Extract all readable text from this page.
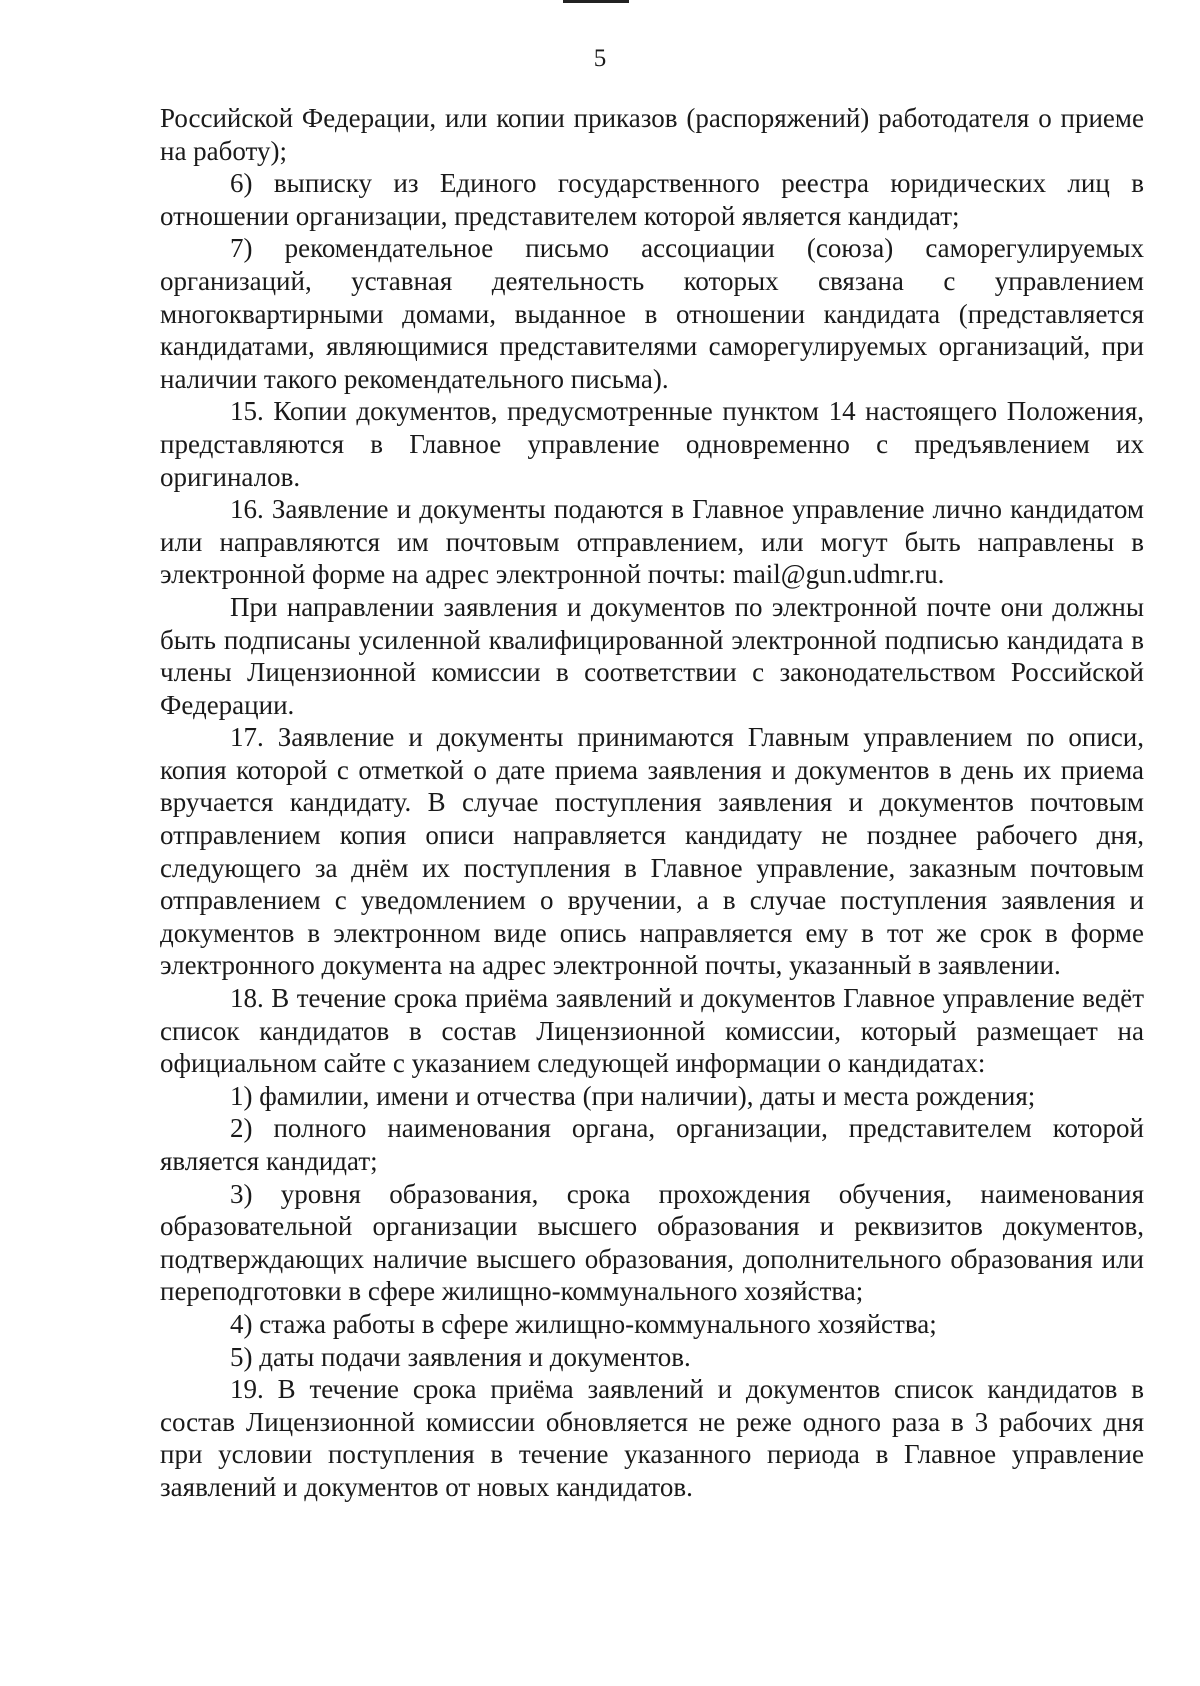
5

Российской Федерации, или копии приказов (распоряжений) работодателя о приеме на работу);

6) выписку из Единого государственного реестра юридических лиц в отношении организации, представителем которой является кандидат;

7) рекомендательное письмо ассоциации (союза) саморегулируемых организаций, уставная деятельность которых связана с управлением многоквартирными домами, выданное в отношении кандидата (представляется кандидатами, являющимися представителями саморегулируемых организаций, при наличии такого рекомендательного письма).

15. Копии документов, предусмотренные пунктом 14 настоящего Положения, представляются в Главное управление одновременно с предъявлением их оригиналов.

16. Заявление и документы подаются в Главное управление лично кандидатом или направляются им почтовым отправлением, или могут быть направлены в электронной форме на адрес электронной почты: mail@gun.udmr.ru.

При направлении заявления и документов по электронной почте они должны быть подписаны усиленной квалифицированной электронной подписью кандидата в члены Лицензионной комиссии в соответствии с законодательством Российской Федерации.

17. Заявление и документы принимаются Главным управлением по описи, копия которой с отметкой о дате приема заявления и документов в день их приема вручается кандидату. В случае поступления заявления и документов почтовым отправлением копия описи направляется кандидату не позднее рабочего дня, следующего за днём их поступления в Главное управление, заказным почтовым отправлением с уведомлением о вручении, а в случае поступления заявления и документов в электронном виде опись направляется ему в тот же срок в форме электронного документа на адрес электронной почты, указанный в заявлении.

18. В течение срока приёма заявлений и документов Главное управление ведёт список кандидатов в состав Лицензионной комиссии, который размещает на официальном сайте с указанием следующей информации о кандидатах:

1) фамилии, имени и отчества (при наличии), даты и места рождения;

2) полного наименования органа, организации, представителем которой является кандидат;

3) уровня образования, срока прохождения обучения, наименования образовательной организации высшего образования и реквизитов документов, подтверждающих наличие высшего образования, дополнительного образования или переподготовки в сфере жилищно-коммунального хозяйства;

4) стажа работы в сфере жилищно-коммунального хозяйства;

5) даты подачи заявления и документов.

19. В течение срока приёма заявлений и документов список кандидатов в состав Лицензионной комиссии обновляется не реже одного раза в 3 рабочих дня при условии поступления в течение указанного периода в Главное управление заявлений и документов от новых кандидатов.
